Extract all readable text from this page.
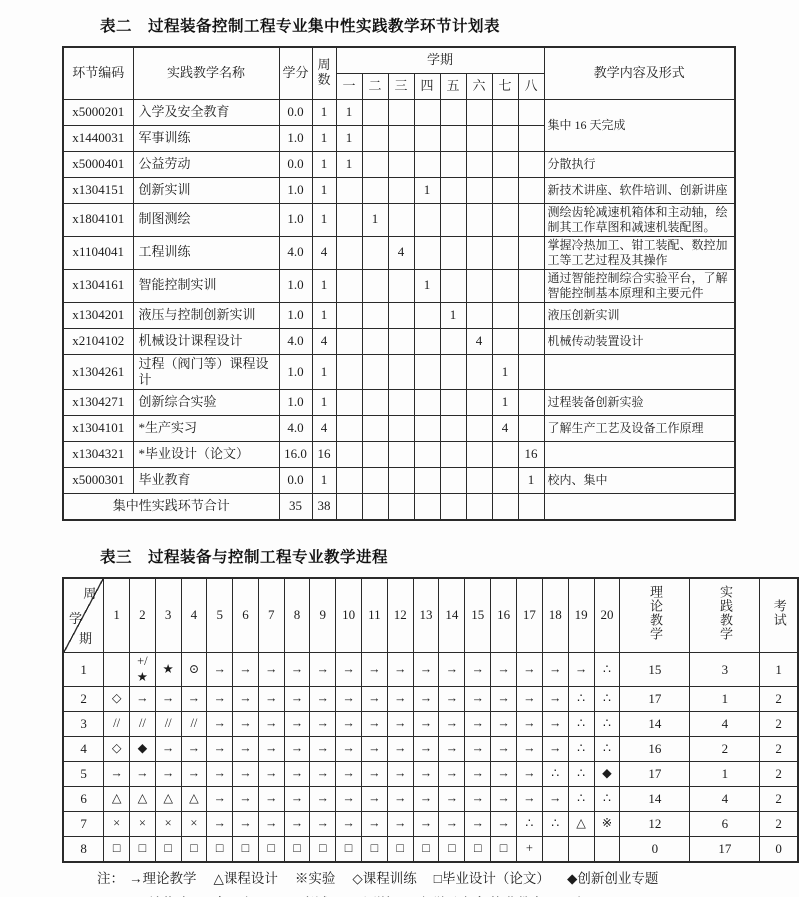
表二　过程装备控制工程专业集中性实践教学环节计划表
环节编码	实践教学名称	学分	周数	学期								教学内容及形式
				一	二	三	四	五	六	七	八	
x5000201	入学及安全教育	0.0	1	1								集中 16 天完成
x1440031	军事训练	1.0	1	1								
x5000401	公益劳动	0.0	1	1								分散执行
x1304151	创新实训	1.0	1				1					新技术讲座、软件培训、创新讲座
x1804101	制图测绘	1.0	1		1							测绘齿轮减速机箱体和主动轴，绘制其工作草图和减速机装配图。
x1104041	工程训练	4.0	4			4						掌握冷热加工、钳工装配、数控加工等工艺过程及其操作
x1304161	智能控制实训	1.0	1				1					通过智能控制综合实验平台，了解智能控制基本原理和主要元件
x1304201	液压与控制创新实训	1.0	1					1				液压创新实训
x2104102	机械设计课程设计	4.0	4						4			机械传动装置设计
x1304261	过程（阀门等）课程设计	1.0	1							1		
x1304271	创新综合实验	1.0	1							1		过程装备创新实验
x1304101	*生产实习	4.0	4							4		了解生产工艺及设备工作原理
x1304321	*毕业设计（论文）	16.0	16								16	
x5000301	毕业教育	0.0	1								1	校内、集中
集中性实践环节合计		35	38									
表三　过程装备与控制工程专业教学进程
周
学
期	1	2	3	4	5	6	7	8	9	10	11	12	13	14	15	16	17	18	19	20	理论教学	实践教学	考试
1		+/★	★	⊙	→	→	→	→	→	→	→	→	→	→	→	→	→	→	→	∴	15	3	1
2	◇	→	→	→	→	→	→	→	→	→	→	→	→	→	→	→	→	→	∴	∴	17	1	2
3	//	//	//	//	→	→	→	→	→	→	→	→	→	→	→	→	→	→	∴	∴	14	4	2
4	◇	◆	→	→	→	→	→	→	→	→	→	→	→	→	→	→	→	→	∴	∴	16	2	2
5	→	→	→	→	→	→	→	→	→	→	→	→	→	→	→	→	→	∴	∴	◆	17	1	2
6	△	△	△	△	→	→	→	→	→	→	→	→	→	→	→	→	→	→	∴	∴	14	4	2
7	×	×	×	×	→	→	→	→	→	→	→	→	→	→	→	→	∴	∴	△	※	12	6	2
8	□	□	□	□	□	□	□	□	□	□	□	□	□	□	□	□	+				0	17	0
注： →理论教学 △课程设计 ※实验 ◇课程训练 □毕业设计（论文） ◆创新创业专题
